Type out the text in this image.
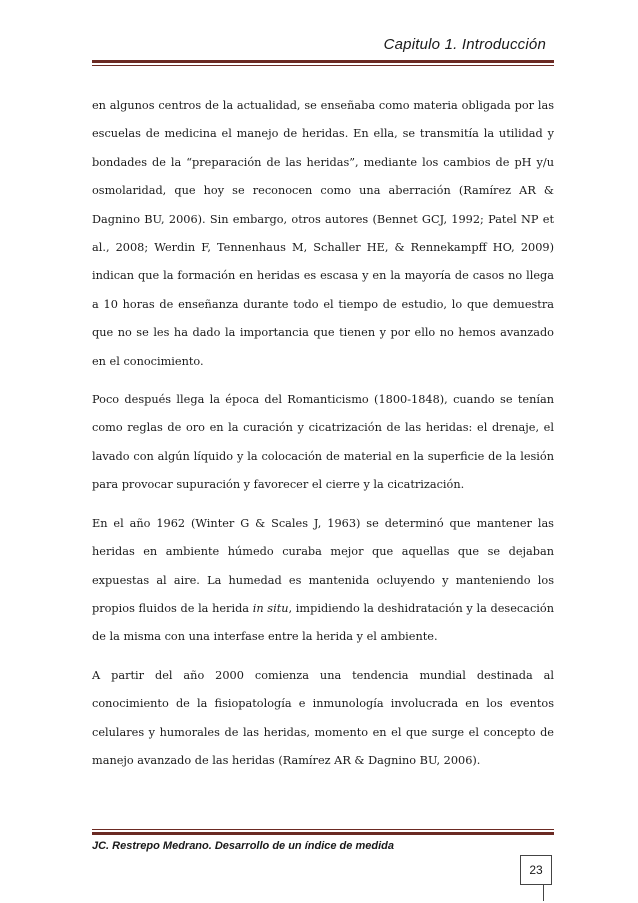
Capitulo 1. Introducción

en algunos centros de la actualidad, se enseñaba como materia obligada por las escuelas de medicina el manejo de heridas. En ella, se transmitía la utilidad y bondades de la “preparación de las heridas”, mediante los cambios de pH y/u osmolaridad, que hoy se reconocen como una aberración (Ramírez AR & Dagnino BU, 2006). Sin embargo, otros autores (Bennet GCJ, 1992; Patel NP et al., 2008; Werdin F, Tennenhaus M, Schaller HE, & Rennekampff HO, 2009) indican que la formación en heridas es escasa y en la mayoría de casos no llega a 10 horas de enseñanza durante todo el tiempo de estudio, lo que demuestra que no se les ha dado la importancia que tienen y por ello no hemos avanzado en el conocimiento.

Poco después llega la época del Romanticismo (1800-1848), cuando se tenían como reglas de oro en la curación y cicatrización de las heridas: el drenaje, el lavado con algún líquido y la colocación de material en la superficie de la lesión para provocar supuración y favorecer el cierre y la cicatrización.

En el año 1962 (Winter G & Scales J, 1963) se determinó que mantener las heridas en ambiente húmedo curaba mejor que aquellas que se dejaban expuestas al aire. La humedad es mantenida ocluyendo y manteniendo los propios fluidos de la herida in situ, impidiendo la deshidratación y la desecación de la misma con una interfase entre la herida y el ambiente.

A partir del año 2000 comienza una tendencia mundial destinada al conocimiento de la fisiopatología e inmunología involucrada en los eventos celulares y humorales de las heridas, momento en el que surge el concepto de manejo avanzado de las heridas (Ramírez AR & Dagnino BU, 2006).

JC. Restrepo Medrano. Desarrollo de un índice de medida
23
